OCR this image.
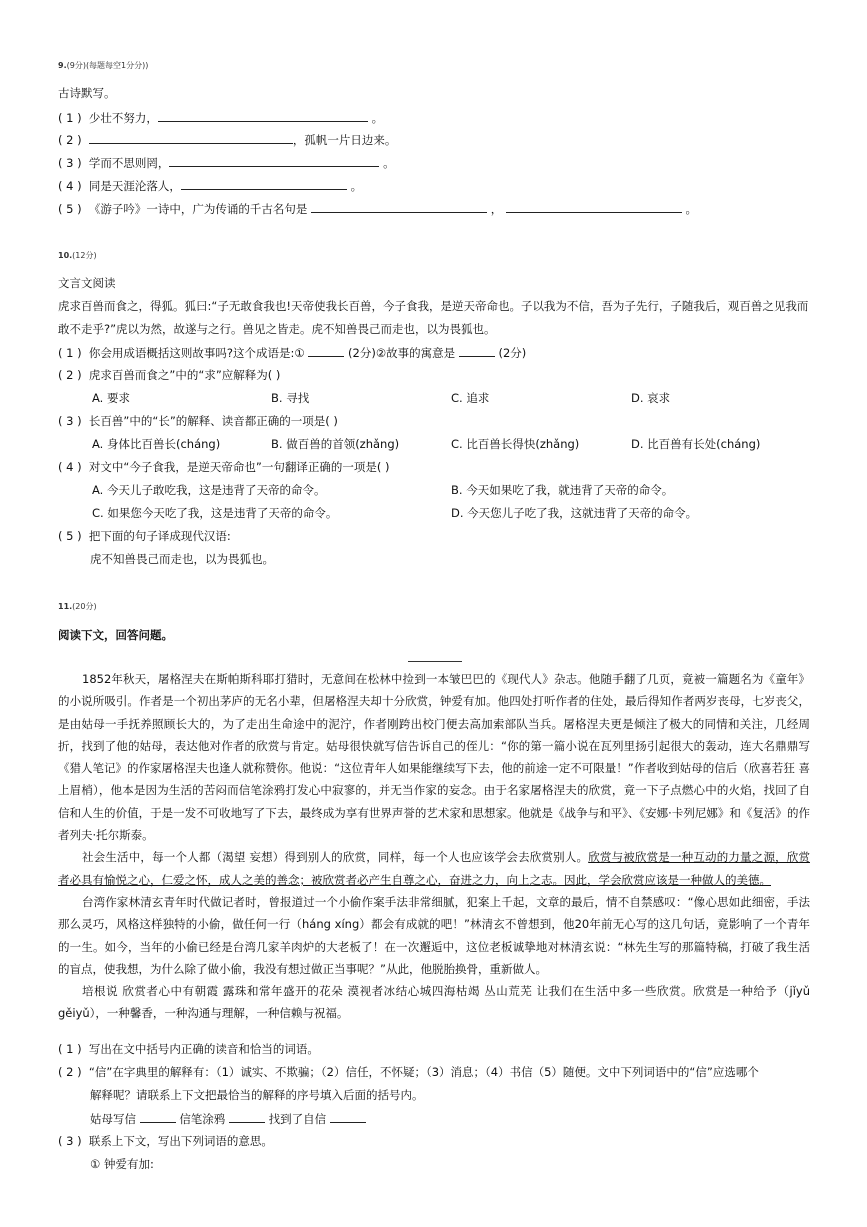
9.(9分)(每题每空1分分))
古诗默写。
( 1 ) 少壮不努力，	。
( 2 )	，孤帆一片日边来。
( 3 ) 学而不思则罔，	。
( 4 ) 同是天涯沦落人，	。
( 5 ) 《游子吟》一诗中，广为传诵的千古名句是	，	。
10.(12分)
文言文阅读
虎求百兽而食之，得狐。狐曰:“子无敢食我也!天帝使我长百兽，今子食我，是逆天帝命也。子以我为不信，吾为子先行，子随我后，观百兽之见我而
敢不走乎?”虎以为然，故遂与之行。兽见之皆走。虎不知兽畏己而走也，以为畏狐也。
( 1 ) 你会用成语概括这则故事吗?这个成语是:①	(2分)②故事的寓意是	(2分)
( 2 ) 虎求百兽而食之”中的“求”应解释为( )
A. 要求	B. 寻找	C. 追求	D. 哀求
( 3 ) 长百兽”中的“长”的解释、读音都正确的一项是( )
A. 身体比百兽长(cháng)	B. 做百兽的首领(zhǎng)	C. 比百兽长得快(zhǎng)	D. 比百兽有长处(cháng)
( 4 ) 对文中“今子食我，是逆天帝命也”一句翻译正确的一项是( )
A. 今天儿子敢吃我，这是违背了天帝的命令。	B. 今天如果吃了我，就违背了天帝的命令。
C. 如果您今天吃了我，这是违背了天帝的命令。	D. 今天您儿子吃了我，这就违背了天帝的命令。
( 5 ) 把下面的句子译成现代汉语:
虎不知兽畏己而走也，以为畏狐也。
11.(20分)
阅读下文，回答问题。

1852年秋天，屠格涅夫在斯帕斯科耶打猎时，无意间在松林中捡到一本皱巴巴的《现代人》杂志。他随手翻了几页，竟被一篇题名为《童年》的小说所吸引。作者是一个初出茅庐的无名小辈，但屠格涅夫却十分欣赏，钟爱有加。他四处打听作者的住处，最后得知作者两岁丧母，七岁丧父，是由姑母一手抚养照顾长大的，为了走出生命途中的泥泞，作者刚跨出校门便去高加索部队当兵。屠格涅夫更是倾注了极大的同情和关注，几经周折，找到了他的姑母，表达他对作者的欣赏与肯定。姑母很快就写信告诉自己的侄儿：“你的第一篇小说在瓦列里扬引起很大的轰动，连大名鼎鼎写《猎人笔记》的作家屠格涅夫也逢人就称赞你。他说：“这位青年人如果能继续写下去，他的前途一定不可限量！”作者收到姑母的信后（欣喜若狂 喜上眉梢），他本是因为生活的苦闷而信笔涂鸦打发心中寂寥的，并无当作家的妄念。由于名家屠格涅夫的欣赏，竟一下子点燃心中的火焰，找回了自信和人生的价值，于是一发不可收地写了下去，最终成为享有世界声誉的艺术家和思想家。他就是《战争与和平》、《安娜·卡列尼娜》和《复活》的作者列夫·托尔斯泰。

社会生活中，每一个人都（渴望 妄想）得到别人的欣赏，同样，每一个人也应该学会去欣赏别人。欣赏与被欣赏是一种互动的力量之源，欣赏者必具有愉悦之心，仁爱之怀，成人之美的善念；被欣赏者必产生自尊之心，奋进之力，向上之志。因此，学会欣赏应该是一种做人的美德。

台湾作家林清玄青年时代做记者时，曾报道过一个小偷作案手法非常细腻，犯案上千起，文章的最后，情不自禁感叹：“像心思如此细密，手法那么灵巧，风格这样独特的小偷，做任何一行（háng xíng）都会有成就的吧！”林清玄不曾想到，他20年前无心写的这几句话，竟影响了一个青年的一生。如今，当年的小偷已经是台湾几家羊肉炉的大老板了！在一次邂逅中，这位老板诚挚地对林清玄说：“林先生写的那篇特稿，打破了我生活的盲点，使我想，为什么除了做小偷，我没有想过做正当事呢？”从此，他脱胎换骨，重新做人。

培根说 欣赏者心中有朝霞 露珠和常年盛开的花朵 漠视者冰结心城四海枯竭 丛山荒芜 让我们在生活中多一些欣赏。欣赏是一种给予（jǐyǔ gěiyǔ），一种馨香，一种沟通与理解，一种信赖与祝福。

( 1 ) 写出在文中括号内正确的读音和恰当的词语。
( 2 ) “信”在字典里的解释有：（1）诚实、不欺骗；（2）信任，不怀疑；（3）消息；（4）书信（5）随便。文中下列词语中的“信”应选哪个
解释呢？请联系上下文把最恰当的解释的序号填入后面的括号内。
姑母写信	信笔涂鸦	找到了自信
( 3 ) 联系上下文，写出下列词语的意思。
① 钟爱有加:
